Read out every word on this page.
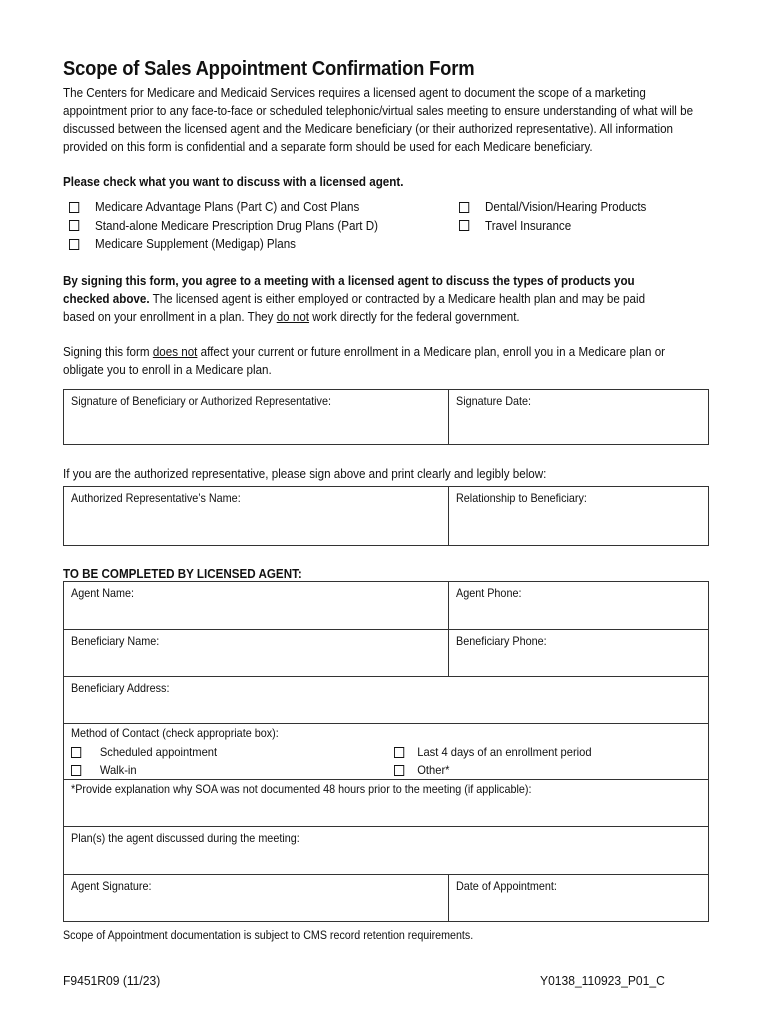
Scope of Sales Appointment Confirmation Form
The Centers for Medicare and Medicaid Services requires a licensed agent to document the scope of a marketing appointment prior to any face-to-face or scheduled telephonic/virtual sales meeting to ensure understanding of what will be discussed between the licensed agent and the Medicare beneficiary (or their authorized representative). All information provided on this form is confidential and a separate form should be used for each Medicare beneficiary.
Please check what you want to discuss with a licensed agent.
Medicare Advantage Plans (Part C) and Cost Plans
Stand-alone Medicare Prescription Drug Plans (Part D)
Medicare Supplement (Medigap) Plans
Dental/Vision/Hearing Products
Travel Insurance
By signing this form, you agree to a meeting with a licensed agent to discuss the types of products you checked above. The licensed agent is either employed or contracted by a Medicare health plan and may be paid based on your enrollment in a plan. They do not work directly for the federal government.
Signing this form does not affect your current or future enrollment in a Medicare plan, enroll you in a Medicare plan or obligate you to enroll in a Medicare plan.
Signature of Beneficiary or Authorized Representative:	Signature Date:
If you are the authorized representative, please sign above and print clearly and legibly below:
Authorized Representative’s Name:	Relationship to Beneficiary:
TO BE COMPLETED BY LICENSED AGENT:
Agent Name:	Agent Phone:
Beneficiary Name:	Beneficiary Phone:
Beneficiary Address:
Method of Contact (check appropriate box):
Scheduled appointment
Walk-in
Last 4 days of an enrollment period
Other*
*Provide explanation why SOA was not documented 48 hours prior to the meeting (if applicable):
Plan(s) the agent discussed during the meeting:
Agent Signature:	Date of Appointment:
Scope of Appointment documentation is subject to CMS record retention requirements.
F9451R09 (11/23)	Y0138_110923_P01_C
